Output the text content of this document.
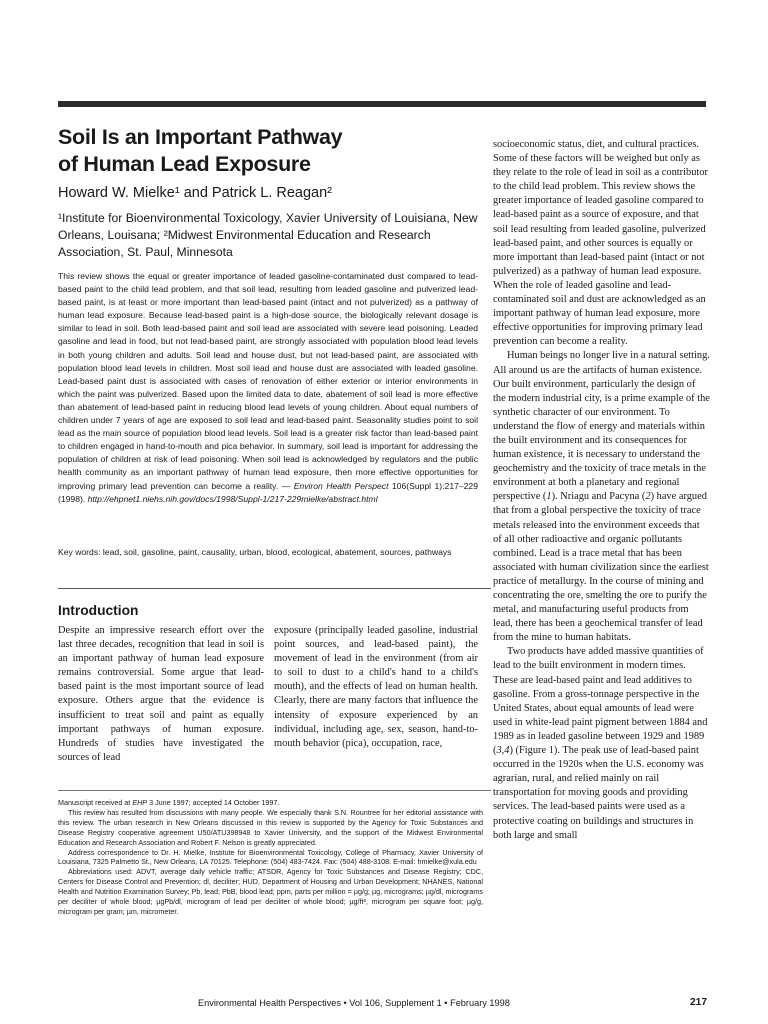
Soil Is an Important Pathway
of Human Lead Exposure

Howard W. Mielke¹ and Patrick L. Reagan²

¹Institute for Bioenvironmental Toxicology, Xavier University of Louisiana, New Orleans, Louisana; ²Midwest Environmental Education and Research Association, St. Paul, Minnesota

This review shows the equal or greater importance of leaded gasoline-contaminated dust compared to lead-based paint to the child lead problem, and that soil lead, resulting from leaded gasoline and pulverized lead-based paint, is at least or more important than lead-based paint (intact and not pulverized) as a pathway of human lead exposure. Because lead-based paint is a high-dose source, the biologically relevant dosage is similar to lead in soil. Both lead-based paint and soil lead are associated with severe lead poisoning. Leaded gasoline and lead in food, but not lead-based paint, are strongly associated with population blood lead levels in both young children and adults. Soil lead and house dust, but not lead-based paint, are associated with population blood lead levels in children. Most soil lead and house dust are associated with leaded gasoline. Lead-based paint dust is associated with cases of renovation of either exterior or interior environments in which the paint was pulverized. Based upon the limited data to date, abatement of soil lead is more effective than abatement of lead-based paint in reducing blood lead levels of young children. About equal numbers of children under 7 years of age are exposed to soil lead and lead-based paint. Seasonality studies point to soil lead as the main source of population blood lead levels. Soil lead is a greater risk factor than lead-based paint to children engaged in hand-to-mouth and pica behavior. In summary, soil lead is important for addressing the population of children at risk of lead poisoning. When soil lead is acknowledged by regulators and the public health community as an important pathway of human lead exposure, then more effective opportunities for improving primary lead prevention can become a reality. — Environ Health Perspect 106(Suppl 1):217–229 (1998). http://ehpnet1.niehs.nih.gov/docs/1998/Suppl-1/217-229mielke/abstract.html

Key words: lead, soil, gasoline, paint, causality, urban, blood, ecological, abatement, sources, pathways

Introduction

Despite an impressive research effort over the last three decades, recognition that lead in soil is an important pathway of human lead exposure remains controversial. Some argue that lead-based paint is the most important source of lead exposure. Others argue that the evidence is insufficient to treat soil and paint as equally important pathways of human exposure. Hundreds of studies have investigated the sources of lead

exposure (principally leaded gasoline, industrial point sources, and lead-based paint), the movement of lead in the environment (from air to soil to dust to a child's hand to a child's mouth), and the effects of lead on human health. Clearly, there are many factors that influence the intensity of exposure experienced by an individual, including age, sex, season, hand-to-mouth behavior (pica), occupation, race,

socioeconomic status, diet, and cultural practices. Some of these factors will be weighed but only as they relate to the role of lead in soil as a contributor to the child lead problem. This review shows the greater importance of leaded gasoline compared to lead-based paint as a source of exposure, and that soil lead resulting from leaded gasoline, pulverized lead-based paint, and other sources is equally or more important than lead-based paint (intact or not pulverized) as a pathway of human lead exposure. When the role of leaded gasoline and lead-contaminated soil and dust are acknowledged as an important pathway of human lead exposure, more effective opportunities for improving primary lead prevention can become a reality.

Human beings no longer live in a natural setting. All around us are the artifacts of human existence. Our built environment, particularly the design of the modern industrial city, is a prime example of the synthetic character of our environment. To understand the flow of energy and materials within the built environment and its consequences for human existence, it is necessary to understand the geochemistry and the toxicity of trace metals in the environment at both a planetary and regional perspective (1). Nriagu and Pacyna (2) have argued that from a global perspective the toxicity of trace metals released into the environment exceeds that of all other radioactive and organic pollutants combined. Lead is a trace metal that has been associated with human civilization since the earliest practice of metallurgy. In the course of mining and concentrating the ore, smelting the ore to purify the metal, and manufacturing useful products from lead, there has been a geochemical transfer of lead from the mine to human habitats.

Two products have added massive quantities of lead to the built environment in modern times. These are lead-based paint and lead additives to gasoline. From a gross-tonnage perspective in the United States, about equal amounts of lead were used in white-lead paint pigment between 1884 and 1989 as in leaded gasoline between 1929 and 1989 (3,4) (Figure 1). The peak use of lead-based paint occurred in the 1920s when the U.S. economy was agrarian, rural, and relied mainly on rail transportation for moving goods and providing services. The lead-based paints were used as a protective coating on buildings and structures in both large and small

Manuscript received at EHP 3 June 1997; accepted 14 October 1997.

This review has resulted from discussions with many people. We especially thank S.N. Rountree for her editorial assistance with this review. The urban research in New Orleans discussed in this review is supported by the Agency for Toxic Substances and Disease Registry cooperative agreement U50/ATU398948 to Xavier University, and the support of the Midwest Environmental Education and Research Association and Robert F. Nelson is greatly appreciated.

Address correspondence to Dr. H. Mielke, Institute for Bioenvironmental Toxicology, College of Pharmacy, Xavier University of Louisiana, 7325 Palmetto St., New Orleans, LA 70125. Telephone: (504) 483-7424. Fax: (504) 488-3108. E-mail: hmielke@xula.edu

Abbreviations used: ADVT, average daily vehicle traffic; ATSDR, Agency for Toxic Substances and Disease Registry; CDC, Centers for Disease Control and Prevention; dl, deciliter; HUD, Department of Housing and Urban Development; NHANES, National Health and Nutrition Examination Survey; Pb, lead; PbB, blood lead; ppm, parts per million = µg/g; µg, micrograms; µg/dl, micrograms per deciliter of whole blood; µgPb/dl, microgram of lead per deciliter of whole blood; µg/ft², microgram per square foot; µg/g, microgram per gram; µm, micrometer.

Environmental Health Perspectives • Vol 106, Supplement 1 • February 1998	217
